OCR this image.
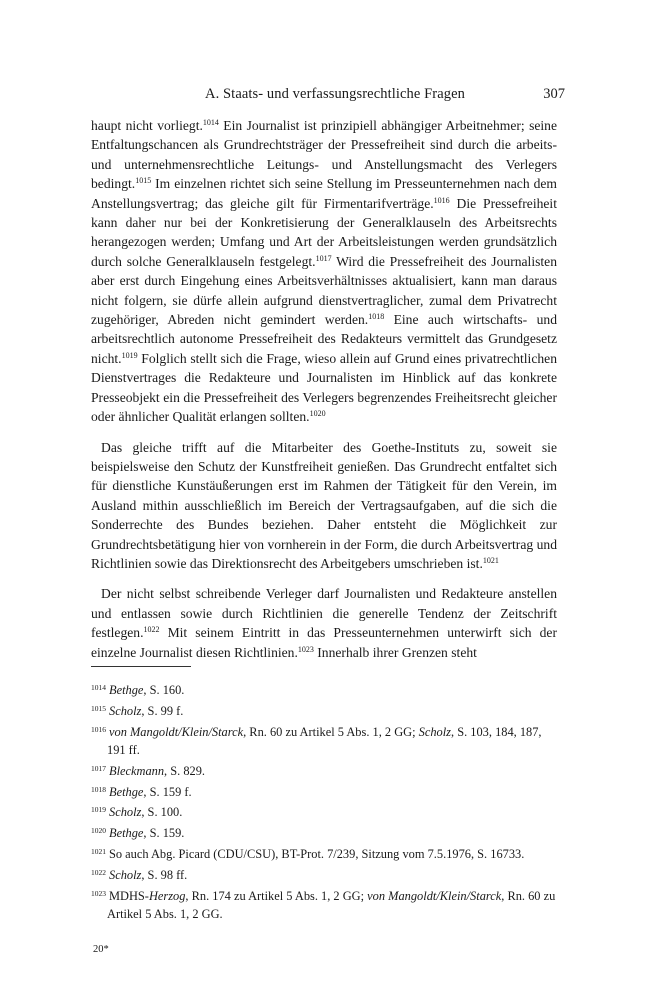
A. Staats- und verfassungsrechtliche Fragen	307

haupt nicht vorliegt.$^{1014}$ Ein Journalist ist prinzipiell abhängiger Arbeitnehmer; seine Entfaltungschancen als Grundrechtsträger der Pressefreiheit sind durch die arbeits- und unternehmensrechtliche Leitungs- und Anstellungsmacht des Verlegers bedingt.$^{1015}$ Im einzelnen richtet sich seine Stellung im Presseunternehmen nach dem Anstellungsvertrag; das gleiche gilt für Firmentarifverträge.$^{1016}$ Die Pressefreiheit kann daher nur bei der Konkretisierung der Generalklauseln des Arbeitsrechts herangezogen werden; Umfang und Art der Arbeitsleistungen werden grundsätzlich durch solche Generalklauseln festgelegt.$^{1017}$ Wird die Pressefreiheit des Journalisten aber erst durch Eingehung eines Arbeitsverhältnisses aktualisiert, kann man daraus nicht folgern, sie dürfe allein aufgrund dienstvertraglicher, zumal dem Privatrecht zugehöriger, Abreden nicht gemindert werden.$^{1018}$ Eine auch wirtschafts- und arbeitsrechtlich autonome Pressefreiheit des Redakteurs vermittelt das Grundgesetz nicht.$^{1019}$ Folglich stellt sich die Frage, wieso allein auf Grund eines privatrechtlichen Dienstvertrages die Redakteure und Journalisten im Hinblick auf das konkrete Presseobjekt ein die Pressefreiheit des Verlegers begrenzendes Freiheitsrecht gleicher oder ähnlicher Qualität erlangen sollten.$^{1020}$

Das gleiche trifft auf die Mitarbeiter des Goethe-Instituts zu, soweit sie beispielsweise den Schutz der Kunstfreiheit genießen. Das Grundrecht entfaltet sich für dienstliche Kunstäußerungen erst im Rahmen der Tätigkeit für den Verein, im Ausland mithin ausschließlich im Bereich der Vertragsaufgaben, auf die sich die Sonderrechte des Bundes beziehen. Daher entsteht die Möglichkeit zur Grundrechtsbetätigung hier von vornherein in der Form, die durch Arbeitsvertrag und Richtlinien sowie das Direktionsrecht des Arbeitgebers umschrieben ist.$^{1021}$

Der nicht selbst schreibende Verleger darf Journalisten und Redakteure anstellen und entlassen sowie durch Richtlinien die generelle Tendenz der Zeitschrift festlegen.$^{1022}$ Mit seinem Eintritt in das Presseunternehmen unterwirft sich der einzelne Journalist diesen Richtlinien.$^{1023}$ Innerhalb ihrer Grenzen steht

$^{1014}$ Bethge, S. 160.

$^{1015}$ Scholz, S. 99 f.

$^{1016}$ von Mangoldt/Klein/Starck, Rn. 60 zu Artikel 5 Abs. 1, 2 GG; Scholz, S. 103, 184, 187, 191 ff.

$^{1017}$ Bleckmann, S. 829.

$^{1018}$ Bethge, S. 159 f.

$^{1019}$ Scholz, S. 100.

$^{1020}$ Bethge, S. 159.

$^{1021}$ So auch Abg. Picard (CDU/CSU), BT-Prot. 7/239, Sitzung vom 7.5.1976, S. 16733.

$^{1022}$ Scholz, S. 98 ff.

$^{1023}$ MDHS-Herzog, Rn. 174 zu Artikel 5 Abs. 1, 2 GG; von Mangoldt/Klein/Starck, Rn. 60 zu Artikel 5 Abs. 1, 2 GG.

20*
